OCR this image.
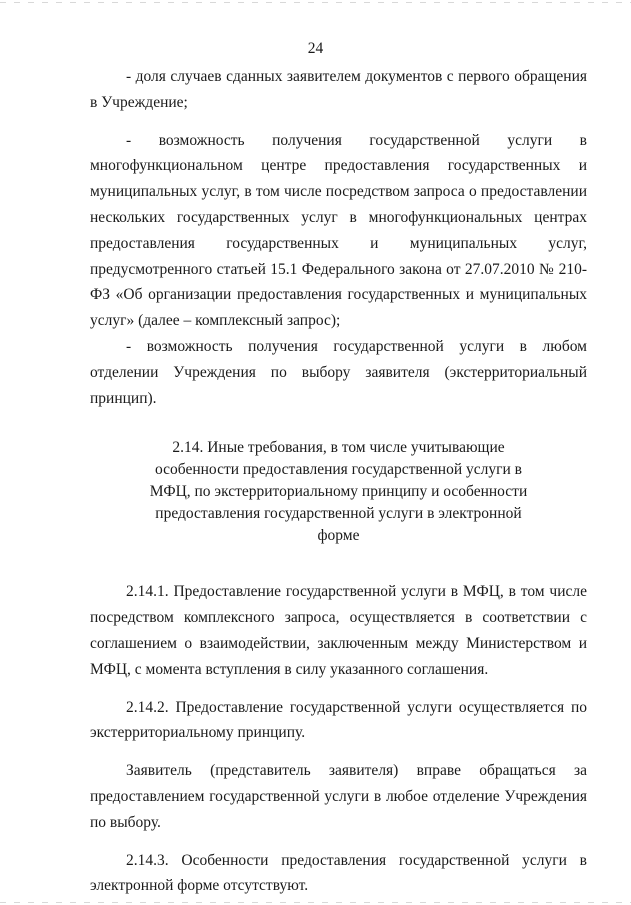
24

- доля случаев сданных заявителем документов с первого обращения в Учреждение;

- возможность получения государственной услуги в многофункциональном центре предоставления государственных и муниципальных услуг, в том числе посредством запроса о предоставлении нескольких государственных услуг в многофункциональных центрах предоставления государственных и муниципальных услуг, предусмотренного статьей 15.1 Федерального закона от 27.07.2010 № 210-ФЗ «Об организации предоставления государственных и муниципальных услуг» (далее – комплексный запрос);

- возможность получения государственной услуги в любом отделении Учреждения по выбору заявителя (экстерриториальный принцип).

2.14. Иные требования, в том числе учитывающие особенности предоставления государственной услуги в МФЦ, по экстерриториальному принципу и особенности предоставления государственной услуги в электронной форме

2.14.1. Предоставление государственной услуги в МФЦ, в том числе посредством комплексного запроса, осуществляется в соответствии с соглашением о взаимодействии, заключенным между Министерством и МФЦ, с момента вступления в силу указанного соглашения.

2.14.2. Предоставление государственной услуги осуществляется по экстерриториальному принципу.

Заявитель (представитель заявителя) вправе обращаться за предоставлением государственной услуги в любое отделение Учреждения по выбору.

2.14.3. Особенности предоставления государственной услуги в электронной форме отсутствуют.
